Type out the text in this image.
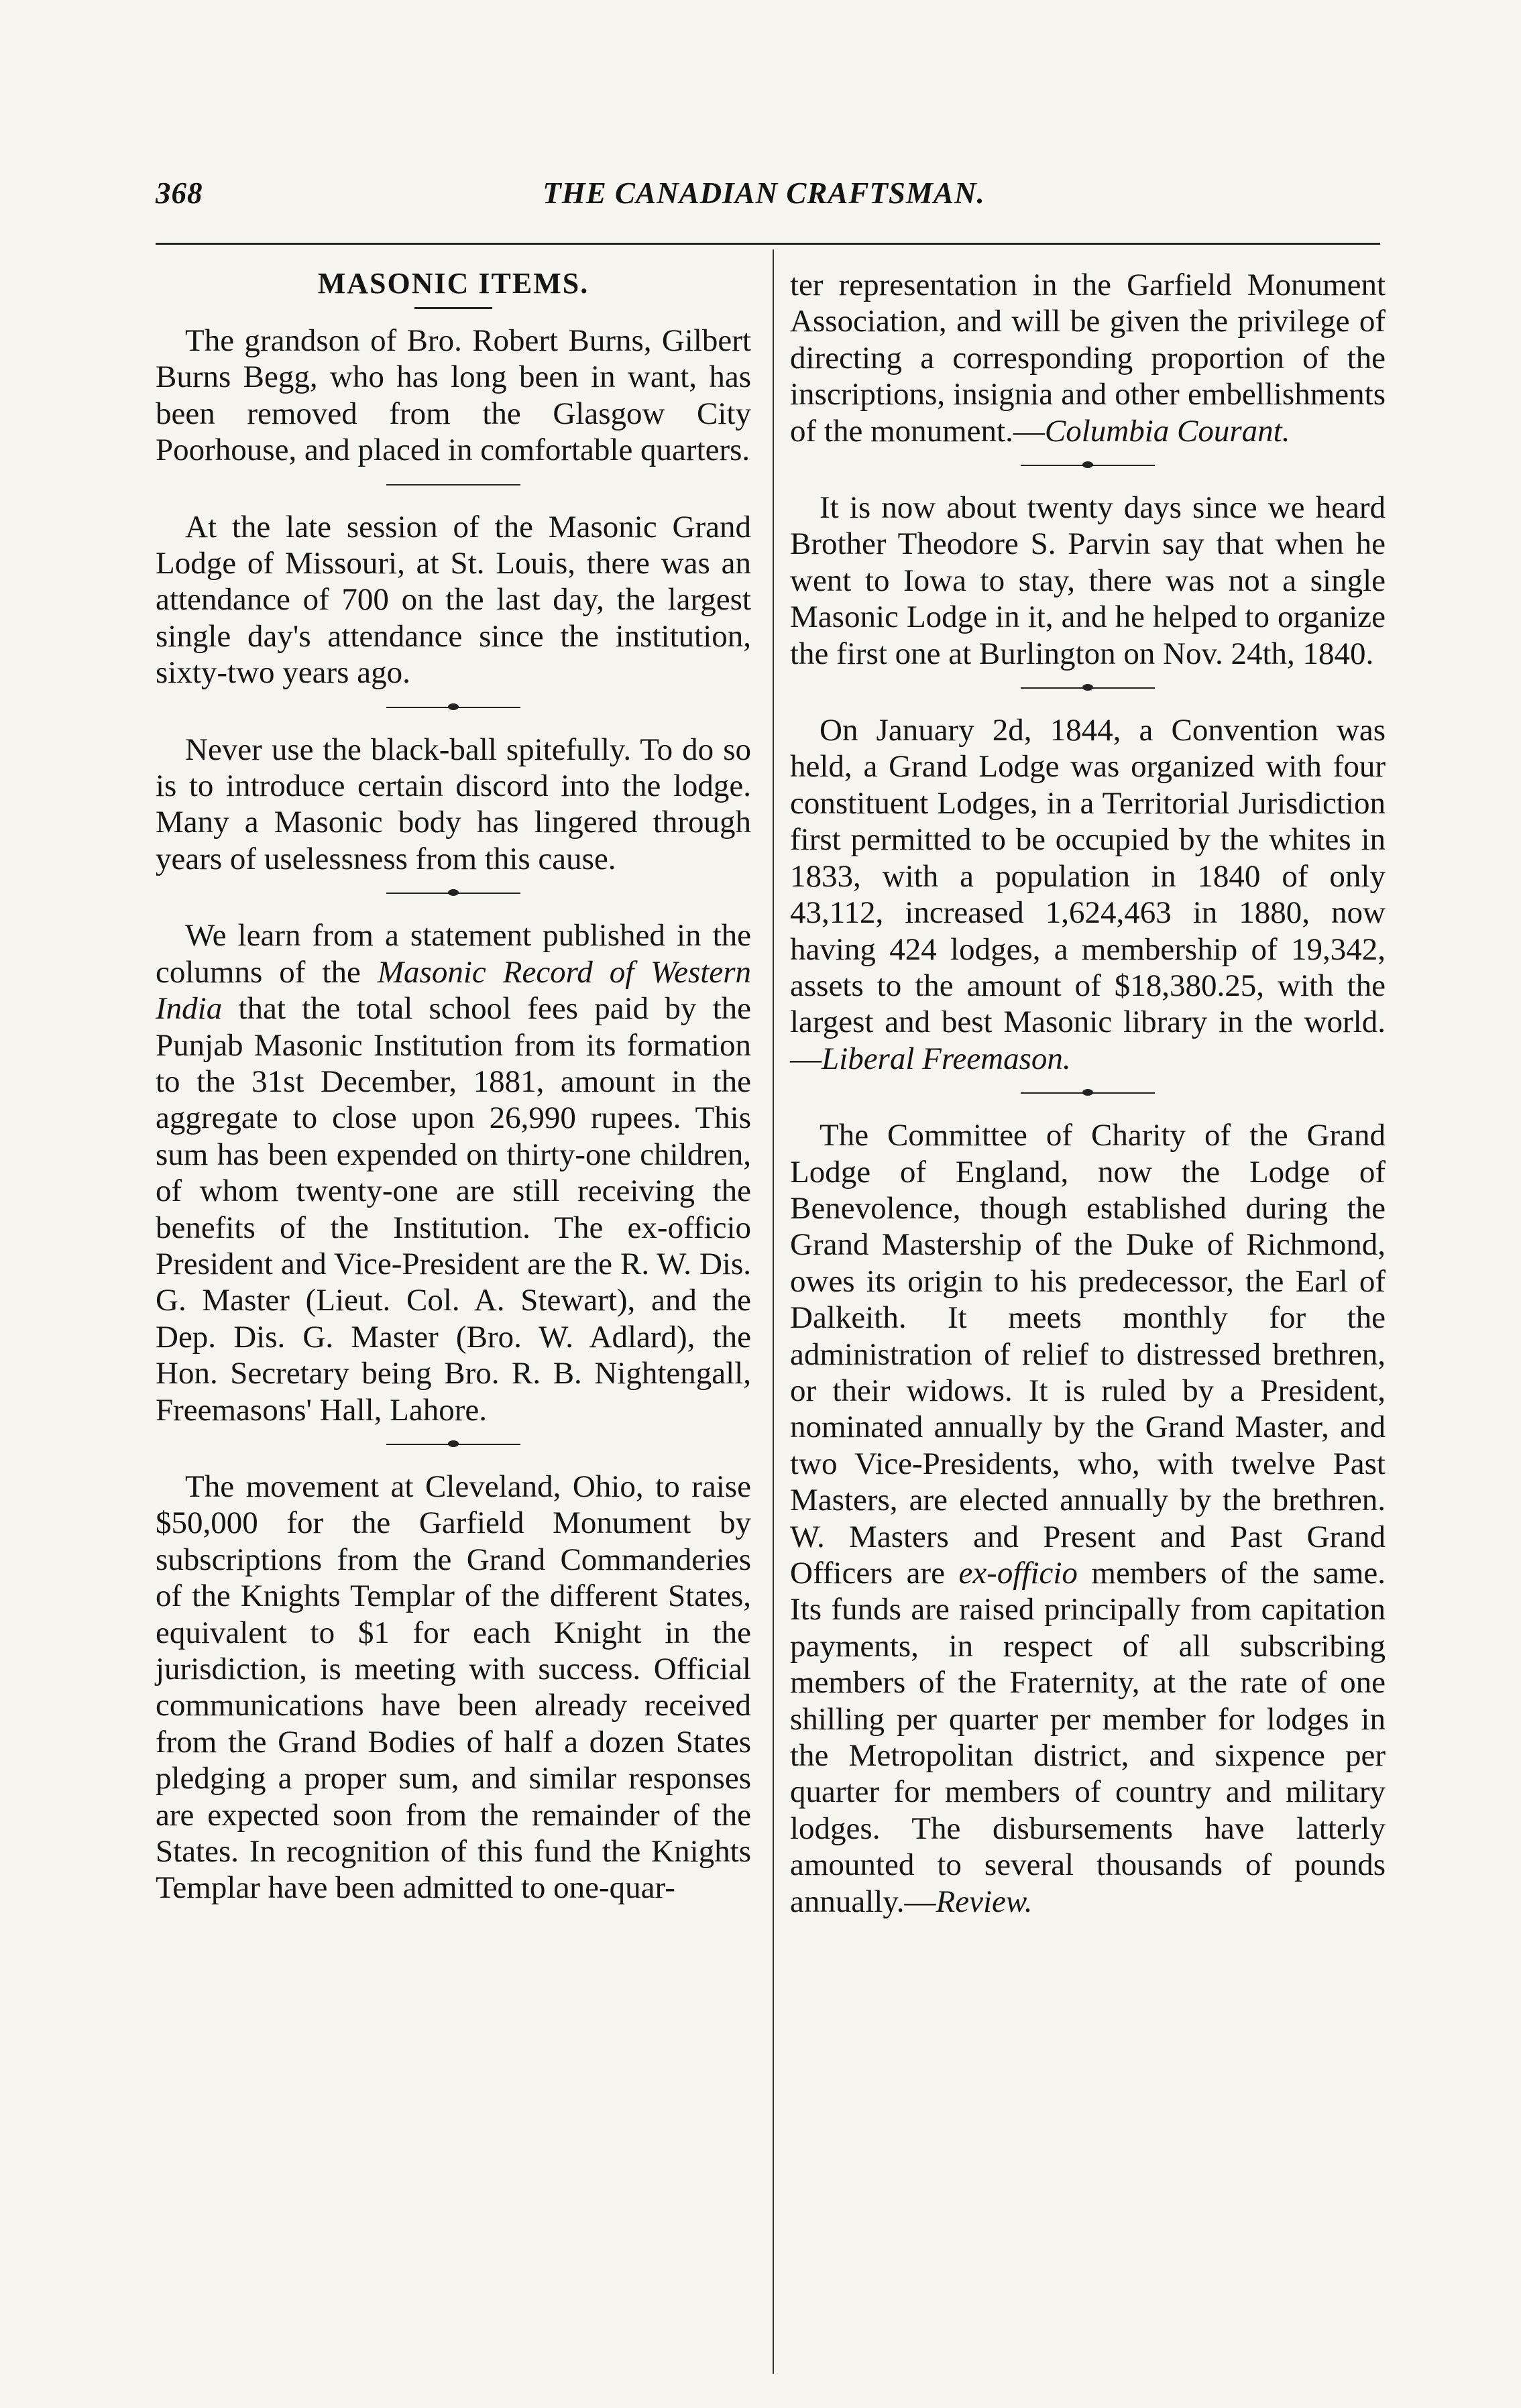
368	THE CANADIAN CRAFTSMAN.
MASONIC ITEMS.

The grandson of Bro. Robert Burns, Gilbert Burns Begg, who has long been in want, has been removed from the Glasgow City Poorhouse, and placed in comfortable quarters.

At the late session of the Masonic Grand Lodge of Missouri, at St. Louis, there was an attendance of 700 on the last day, the largest single day's attendance since the institution, sixty-two years ago.

Never use the black-ball spitefully. To do so is to introduce certain discord into the lodge. Many a Masonic body has lingered through years of uselessness from this cause.

We learn from a statement published in the columns of the Masonic Record of Western India that the total school fees paid by the Punjab Masonic Institution from its formation to the 31st December, 1881, amount in the aggregate to close upon 26,990 rupees. This sum has been expended on thirty-one children, of whom twenty-one are still receiving the benefits of the Institution. The ex-officio President and Vice-President are the R. W. Dis. G. Master (Lieut. Col. A. Stewart), and the Dep. Dis. G. Master (Bro. W. Adlard), the Hon. Secretary being Bro. R. B. Nightengall, Freemasons' Hall, Lahore.

The movement at Cleveland, Ohio, to raise $50,000 for the Garfield Monument by subscriptions from the Grand Commanderies of the Knights Templar of the different States, equivalent to $1 for each Knight in the jurisdiction, is meeting with success. Official communications have been already received from the Grand Bodies of half a dozen States pledging a proper sum, and similar responses are expected soon from the remainder of the States. In recognition of this fund the Knights Templar have been admitted to one-quar-

ter representation in the Garfield Monument Association, and will be given the privilege of directing a corresponding proportion of the inscriptions, insignia and other embellishments of the monument.—Columbia Courant.

It is now about twenty days since we heard Brother Theodore S. Parvin say that when he went to Iowa to stay, there was not a single Masonic Lodge in it, and he helped to organize the first one at Burlington on Nov. 24th, 1840.

On January 2d, 1844, a Convention was held, a Grand Lodge was organized with four constituent Lodges, in a Territorial Jurisdiction first permitted to be occupied by the whites in 1833, with a population in 1840 of only 43,112, increased 1,624,463 in 1880, now having 424 lodges, a membership of 19,342, assets to the amount of $18,380.25, with the largest and best Masonic library in the world.—Liberal Freemason.

The Committee of Charity of the Grand Lodge of England, now the Lodge of Benevolence, though established during the Grand Mastership of the Duke of Richmond, owes its origin to his predecessor, the Earl of Dalkeith. It meets monthly for the administration of relief to distressed brethren, or their widows. It is ruled by a President, nominated annually by the Grand Master, and two Vice-Presidents, who, with twelve Past Masters, are elected annually by the brethren. W. Masters and Present and Past Grand Officers are ex-officio members of the same. Its funds are raised principally from capitation payments, in respect of all subscribing members of the Fraternity, at the rate of one shilling per quarter per member for lodges in the Metropolitan district, and sixpence per quarter for members of country and military lodges. The disbursements have latterly amounted to several thousands of pounds annually.—Review.
